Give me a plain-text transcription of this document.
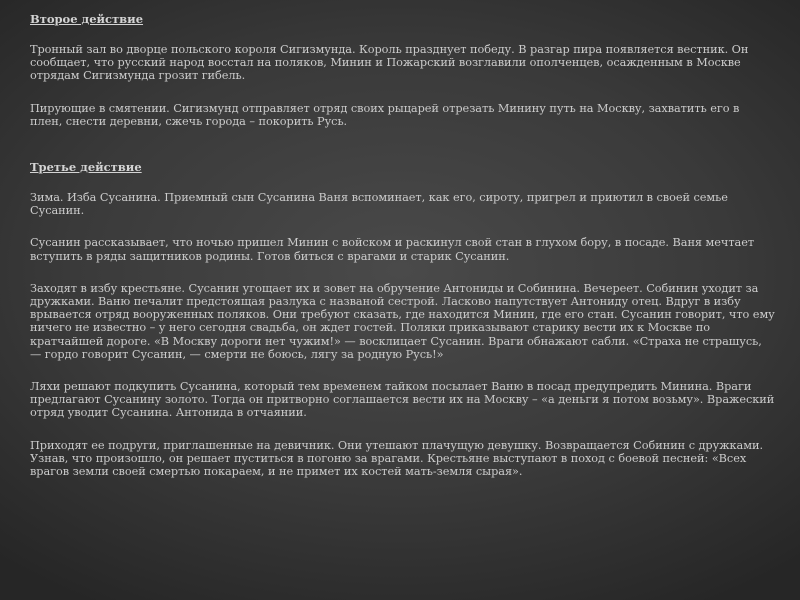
Второе действие

Тронный зал во дворце польского короля Сигизмунда. Король празднует победу. В разгар пира появляется вестник. Он сообщает, что русский народ восстал на поляков, Минин и Пожарский возглавили ополченцев, осажденным в Москве отрядам Сигизмунда грозит гибель.

Пирующие в смятении. Сигизмунд отправляет отряд своих рыцарей отрезать Минину путь на Москву, захватить его в плен, снести деревни, сжечь города – покорить Русь.

Третье действие

Зима. Изба Сусанина. Приемный сын Сусанина Ваня вспоминает, как его, сироту, пригрел и приютил в своей семье Сусанин.

Сусанин рассказывает, что ночью пришел Минин с войском и раскинул свой стан в глухом бору, в посаде. Ваня мечтает вступить в ряды защитников родины. Готов биться с врагами и старик Сусанин.

Заходят в избу крестьяне. Сусанин угощает их и зовет на обручение Антониды и Собинина. Вечереет. Собинин уходит за дружками. Ваню печалит предстоящая разлука с названой сестрой. Ласково напутствует Антониду отец. Вдруг в избу врывается отряд вооруженных поляков. Они требуют сказать, где находится Минин, где его стан. Сусанин говорит, что ему ничего не известно – у него сегодня свадьба, он ждет гостей. Поляки приказывают старику вести их к Москве по кратчайшей дороге. «В Москву дороги нет чужим!» — восклицает Сусанин. Враги обнажают сабли. «Страха не страшусь, — гордо говорит Сусанин, — смерти не боюсь, лягу за родную Русь!»

Ляхи решают подкупить Сусанина, который тем временем тайком посылает Ваню в посад предупредить Минина. Враги предлагают Сусанину золото. Тогда он притворно соглашается вести их на Москву – «а деньги я потом возьму». Вражеский отряд уводит Сусанина. Антонида в отчаянии.

Приходят ее подруги, приглашенные на девичник. Они утешают плачущую девушку. Возвращается Собинин с дружками. Узнав, что произошло, он решает пуститься в погоню за врагами. Крестьяне выступают в поход с боевой песней: «Всех врагов земли своей смертью покараем, и не примет их костей мать-земля сырая».
